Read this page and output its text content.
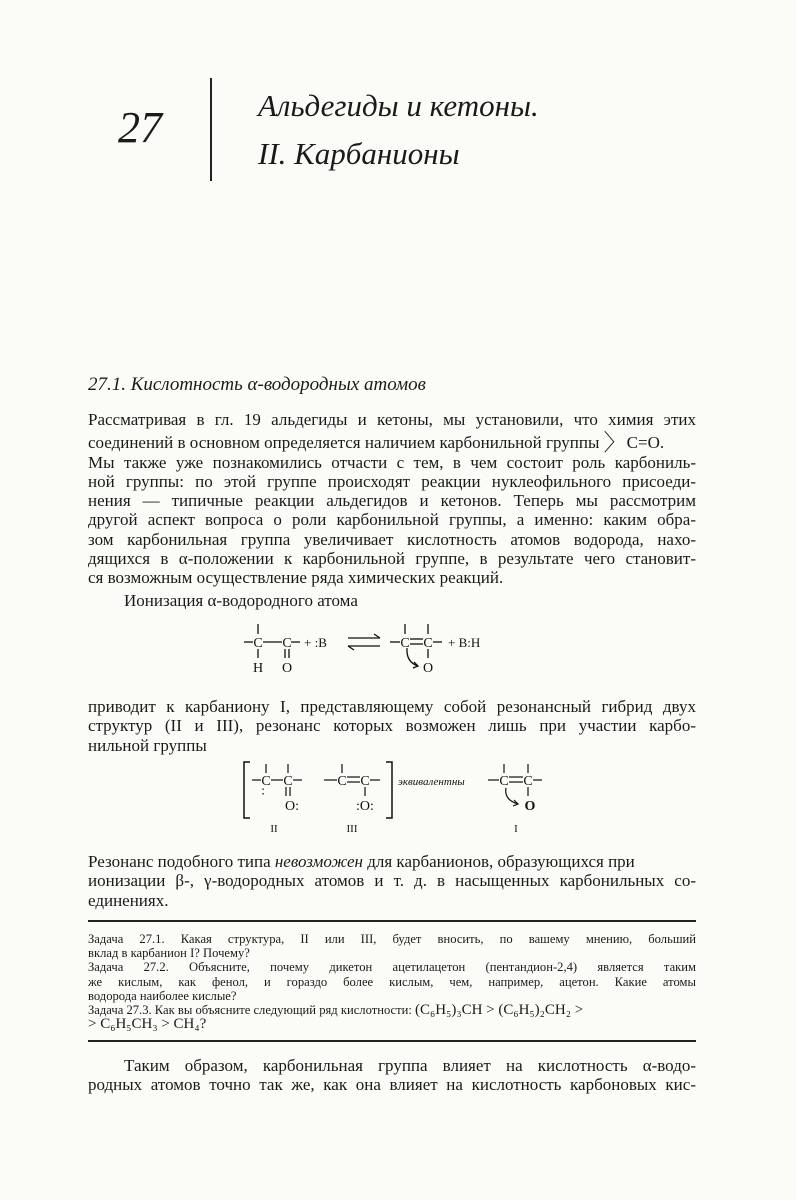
27	Альдегиды и кетоны.
II. Карбанионы
27.1. Кислотность α-водородных атомов
Рассматривая в гл. 19 альдегиды и кетоны, мы установили, что химия этих
соединений в основном определяется наличием карбонильной группы 〉C=O.
Мы также уже познакомились отчасти с тем, в чем состоит роль карбониль-
ной группы: по этой группе происходят реакции нуклеофильного присоеди-
нения — типичные реакции альдегидов и кетонов. Теперь мы рассмотрим
другой аспект вопроса о роли карбонильной группы, а именно: каким обра-
зом карбонильная группа увеличивает кислотность атомов водорода, нахо-
дящихся в α-положении к карбонильной группе, в результате чего становит-
ся возможным осуществление ряда химических реакций.
Ионизация α-водородного атома
C C
H O
+ :B	C C
O
+ B:H
приводит к карбаниону I, представляющему собой резонансный гибрид двух
структур (II и III), резонанс которых возможен лишь при участии карбо-
нильной группы
C C
∶
O:
C C
:O:
эквивалентны C C
O
II	III	I
Резонанс подобного типа невозможен для карбанионов, образующихся при
ионизации β-, γ-водородных атомов и т. д. в насыщенных карбонильных со-
единениях.
Задача 27.1. Какая структура, II или III, будет вносить, по вашему мнению, больший
вклад в карбанион I? Почему?
Задача 27.2. Объясните, почему дикетон ацетилацетон (пентандион-2,4) является таким
же кислым, как фенол, и гораздо более кислым, чем, например, ацетон. Какие атомы
водорода наиболее кислые?
Задача 27.3. Как вы объясните следующий ряд кислотности: (C₆H₅)₃CH > (C₆H₅)₂CH₂ >
> C₆H₅CH₃ > CH₄?
Таким образом, карбонильная группа влияет на кислотность α-водо-
родных атомов точно так же, как она влияет на кислотность карбоновых кис-
